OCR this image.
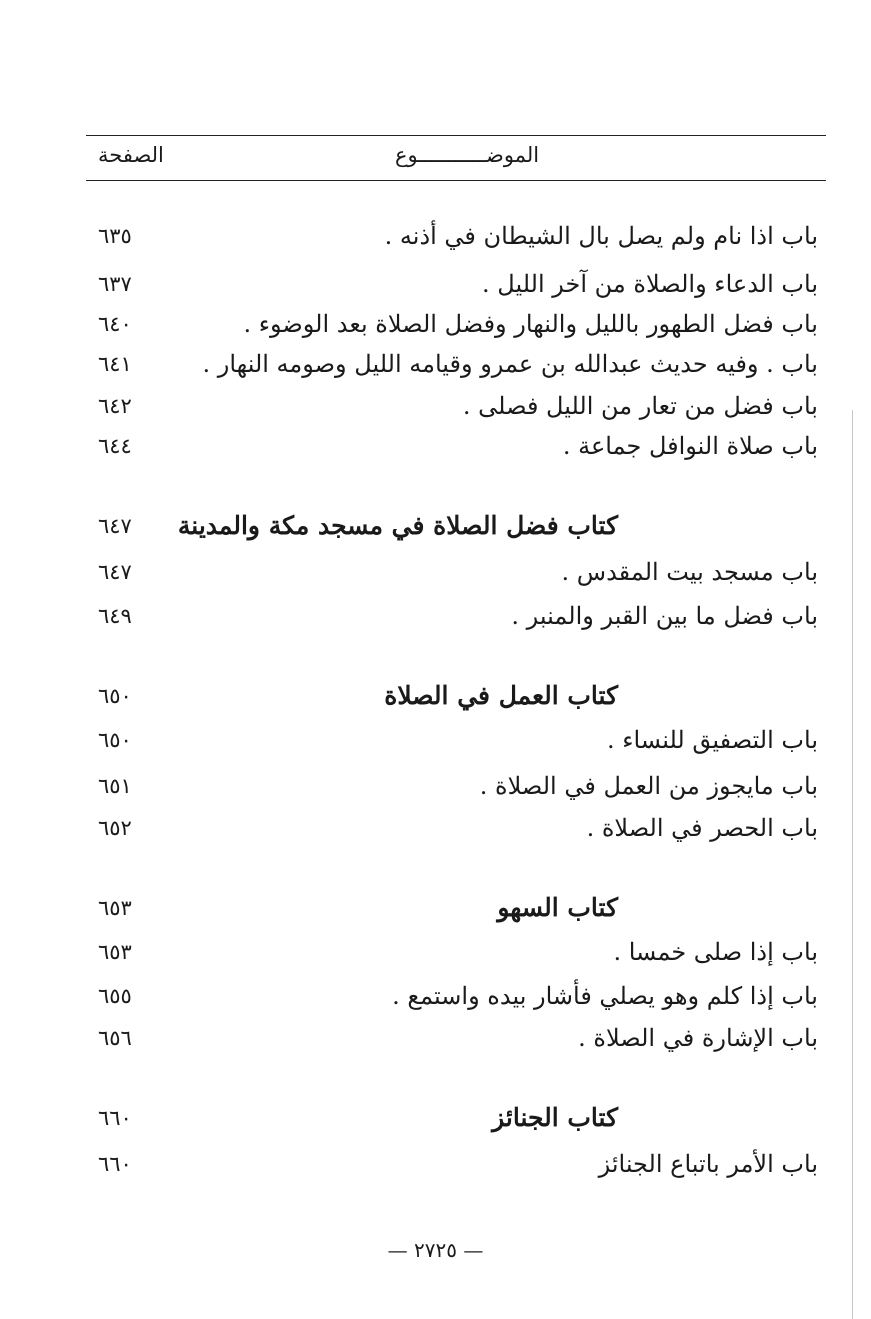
الموضـــــــــــوع
الصفحة
باب اذا نام ولم يصل بال الشيطان في أذنه .
٦٣٥
باب الدعاء والصلاة من آخر الليل .
٦٣٧
باب فضل الطهور بالليل والنهار وفضل الصلاة بعد الوضوء .
٦٤٠
باب . وفيه حديث عبدالله بن عمرو وقيامه الليل وصومه النهار .
٦٤١
باب فضل من تعار من الليل فصلى .
٦٤٢
باب صلاة النوافل جماعة .
٦٤٤
كتاب فضل الصلاة في مسجد مكة والمدينة
٦٤٧
باب مسجد بيت المقدس .
٦٤٧
باب فضل ما بين القبر والمنبر .
٦٤٩
كتاب العمل في الصلاة
٦٥٠
باب التصفيق للنساء .
٦٥٠
باب مايجوز من العمل في الصلاة .
٦٥١
باب الحصر في الصلاة .
٦٥٢
كتاب السهو
٦٥٣
باب إذا صلى خمسا .
٦٥٣
باب إذا كلم وهو يصلي فأشار بيده واستمع .
٦٥٥
باب الإشارة في الصلاة .
٦٥٦
كتاب الجنائز
٦٦٠
باب الأمر باتباع الجنائز
٦٦٠
— ٢٧٢٥ —
